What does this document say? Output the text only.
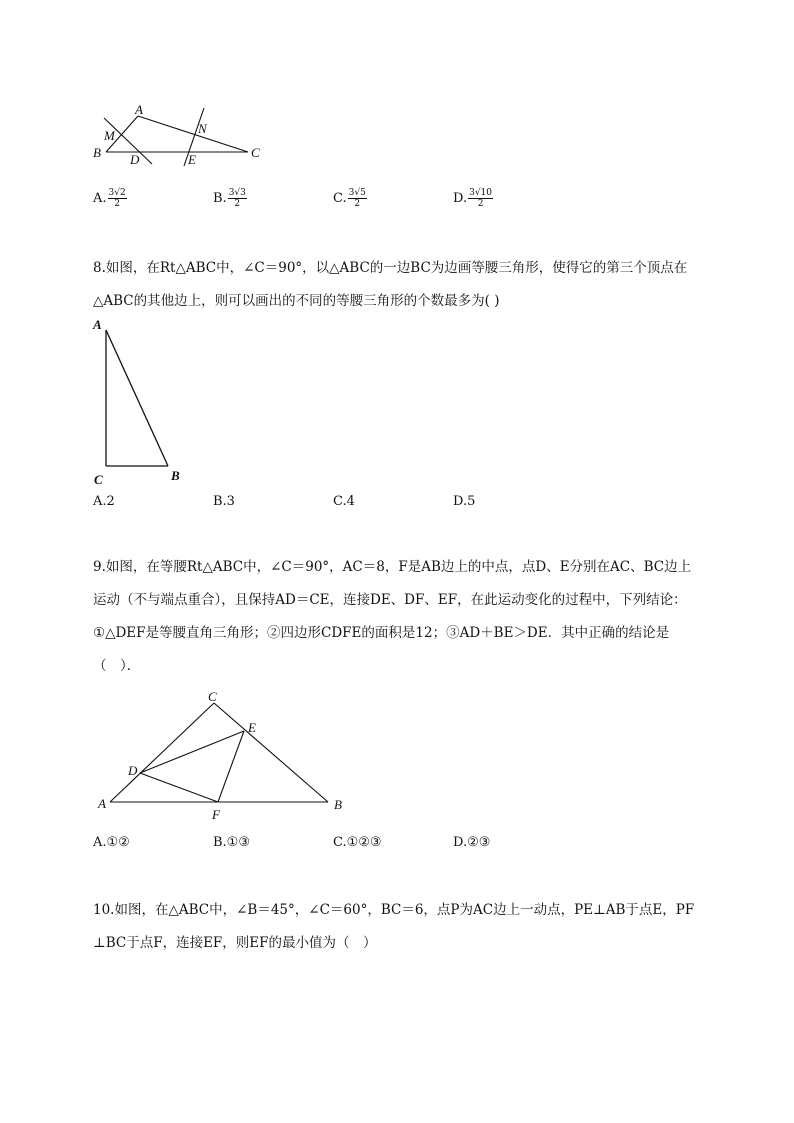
A
M	N
B D	E	C
A. $\frac{3√2}{2}$	B. $\frac{3√3}{2}$	C. $\frac{3√5}{2}$	D. $\frac{3√10}{2}$

8.如图，在Rt△ABC中，∠C＝90°，以△ABC的一边BC为边画等腰三角形，使得它的第三个顶点在

△ABC的其他边上，则可以画出的不同的等腰三角形的个数最多为( )

A
C	B
A.2	B.3	C.4	D.5

9.如图，在等腰Rt△ABC中，∠C＝90°，AC＝8，F是AB边上的中点，点D、E分别在AC、BC边上

运动（不与端点重合），且保持AD＝CE，连接DE、DF、EF，在此运动变化的过程中，下列结论：

①△DEF是等腰直角三角形；②四边形CDFE的面积是12；③AD＋BE＞DE．其中正确的结论是

（　）．

C
E
D
A
F
B
A.①②	B.①③	C.①②③	D.②③

10.如图，在△ABC中，∠B＝45°，∠C＝60°，BC＝6，点P为AC边上一动点，PE⊥AB于点E，PF

⊥BC于点F，连接EF，则EF的最小值为（　）
